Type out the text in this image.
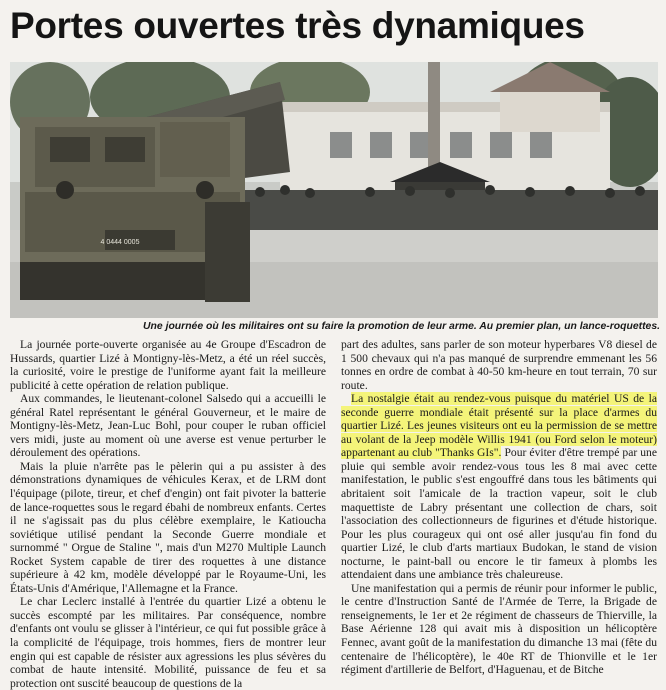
Portes ouvertes très dynamiques
4 0444 0005
Une journée où les militaires ont su faire la promotion de leur arme. Au premier plan, un lance-roquettes.

La journée porte-ouverte organisée au 4e Groupe d'Escadron de Hussards, quartier Lizé à Montigny-lès-Metz, a été un réel succès, la curiosité, voire le prestige de l'uniforme ayant fait la meilleure publicité à cette opération de relation publique.

Aux commandes, le lieutenant-colonel Salsedo qui a accueilli le général Ratel représentant le général Gouverneur, et le maire de Montigny-lès-Metz, Jean-Luc Bohl, pour couper le ruban officiel vers midi, juste au moment où une averse est venue perturber le déroulement des opérations.

Mais la pluie n'arrête pas le pèlerin qui a pu assister à des démonstrations dynamiques de véhicules Kerax, et de LRM dont l'équipage (pilote, tireur, et chef d'engin) ont fait pivoter la batterie de lance-roquettes sous le regard ébahi de nombreux enfants. Certes il ne s'agissait pas du plus célèbre exemplaire, le Katiouchа soviétique utilisé pendant la Seconde Guerre mondiale et surnommé " Orgue de Staline ", mais d'un M270 Multiple Launch Rocket System capable de tirer des roquettes à une distance supérieure à 42 km, modèle développé par le Royaume-Uni, les États-Unis d'Amérique, l'Allemagne et la France.

Le char Leclerc installé à l'entrée du quartier Lizé a obtenu le succès escompté par les militaires. Par conséquence, nombre d'enfants ont voulu se glisser à l'intérieur, ce qui fut possible grâce à la complicité de l'équipage, trois hommes, fiers de montrer leur engin qui est capable de résister aux agressions les plus sévères du combat de haute intensité. Mobilité, puissance de feu et sa protection ont suscité beaucoup de questions de la

part des adultes, sans parler de son moteur hyperbares V8 diesel de 1 500 chevaux qui n'a pas manqué de surprendre emmenant les 56 tonnes en ordre de combat à 40-50 km-heure en tout terrain, 70 sur route.

La nostalgie était au rendez-vous puisque du matériel US de la seconde guerre mondiale était présenté sur la place d'armes du quartier Lizé. Les jeunes visiteurs ont eu la permission de se mettre au volant de la Jeep modèle Willis 1941 (ou Ford selon le moteur) appartenant au club "Thanks GIs". Pour éviter d'être trempé par une pluie qui semble avoir rendez-vous tous les 8 mai avec cette manifestation, le public s'est engouffré dans tous les bâtiments qui abritaient soit l'amicale de la traction vapeur, soit le club maquettiste de Labry présentant une collection de chars, soit l'association des collectionneurs de figurines et d'étude historique. Pour les plus courageux qui ont osé aller jusqu'au fin fond du quartier Lizé, le club d'arts martiaux Budokan, le stand de vision nocturne, le paint-ball ou encore le tir fameux à plombs les attendaient dans une ambiance très chaleureuse.

Une manifestation qui a permis de réunir pour informer le public, le centre d'Instruction Santé de l'Armée de Terre, la Brigade de renseignements, le 1er et 2e régiment de chasseurs de Thierville, la Base Aérienne 128 qui avait mis à disposition un hélicoptère Fennec, avant goût de la manifestation du dimanche 13 mai (fête du centenaire de l'hélicoptère), le 40e RT de Thionville et le 1er régiment d'artillerie de Belfort, d'Haguenau, et de Bitche
